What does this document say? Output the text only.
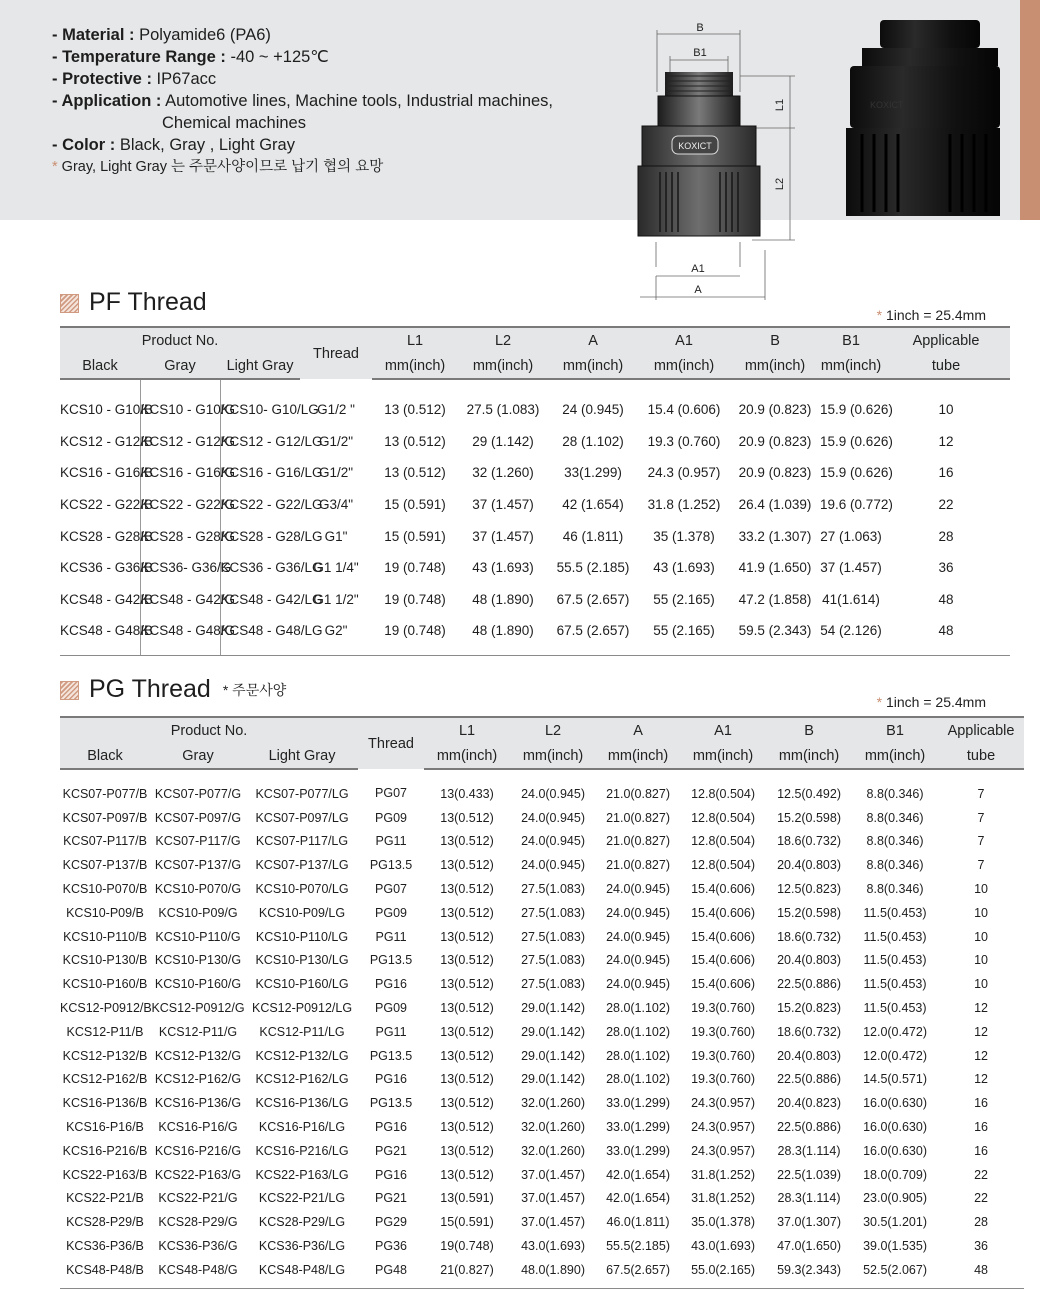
- Material : Polyamide6 (PA6)
- Temperature Range : -40 ~ +125℃
- Protective : IP67acc
- Application : Automotive lines, Machine tools, Industrial machines,
Chemical machines
- Color : Black, Gray , Light Gray
* Gray, Light Gray 는 주문사양이므로 납기 협의 요망
KOXICT
B
B1
L1
L2
A1
A
KOXICT
PF Thread	* 1inch = 25.4mm
Product No.			Thread	L1	L2	A	A1	B	B1	Applicable
Black	Gray	Light Gray		mm(inch)	mm(inch)	mm(inch)	mm(inch)	mm(inch)	mm(inch)	tube
KCS10 - G10/B	KCS10 - G10/G	KCS10- G10/LG	G1/2 "	13 (0.512)	27.5 (1.083)	24 (0.945)	15.4 (0.606)	20.9 (0.823)	15.9 (0.626)	10
KCS12 - G12/B	KCS12 - G12/G	KCS12 - G12/LG	G1/2"	13 (0.512)	29 (1.142)	28 (1.102)	19.3 (0.760)	20.9 (0.823)	15.9 (0.626)	12
KCS16 - G16/B	KCS16 - G16/G	KCS16 - G16/LG	G1/2"	13 (0.512)	32 (1.260)	33(1.299)	24.3 (0.957)	20.9 (0.823)	15.9 (0.626)	16
KCS22 - G22/B	KCS22 - G22/G	KCS22 - G22/LG	G3/4"	15 (0.591)	37 (1.457)	42 (1.654)	31.8 (1.252)	26.4 (1.039)	19.6 (0.772)	22
KCS28 - G28/B	KCS28 - G28/G	KCS28 - G28/LG	G1"	15 (0.591)	37 (1.457)	46 (1.811)	35 (1.378)	33.2 (1.307)	27 (1.063)	28
KCS36 - G36/B	KCS36- G36/G	KCS36 - G36/LG	G1 1/4"	19 (0.748)	43 (1.693)	55.5 (2.185)	43 (1.693)	41.9 (1.650)	37 (1.457)	36
KCS48 - G42/B	KCS48 - G42/G	KCS48 - G42/LG	G1 1/2"	19 (0.748)	48 (1.890)	67.5 (2.657)	55 (2.165)	47.2 (1.858)	41(1.614)	48
KCS48 - G48/B	KCS48 - G48/G	KCS48 - G48/LG	G2"	19 (0.748)	48 (1.890)	67.5 (2.657)	55 (2.165)	59.5 (2.343)	54 (2.126)	48
PG Thread * 주문사양
* 1inch = 25.4mm
Product No.			Thread	L1	L2	A	A1	B	B1	Applicable
Black	Gray	Light Gray		mm(inch)	mm(inch)	mm(inch)	mm(inch)	mm(inch)	mm(inch)	tube
KCS07-P077/B	KCS07-P077/G	KCS07-P077/LG	PG07	13(0.433)	24.0(0.945)	21.0(0.827)	12.8(0.504)	12.5(0.492)	8.8(0.346)	7
KCS07-P097/B	KCS07-P097/G	KCS07-P097/LG	PG09	13(0.512)	24.0(0.945)	21.0(0.827)	12.8(0.504)	15.2(0.598)	8.8(0.346)	7
KCS07-P117/B	KCS07-P117/G	KCS07-P117/LG	PG11	13(0.512)	24.0(0.945)	21.0(0.827)	12.8(0.504)	18.6(0.732)	8.8(0.346)	7
KCS07-P137/B	KCS07-P137/G	KCS07-P137/LG	PG13.5	13(0.512)	24.0(0.945)	21.0(0.827)	12.8(0.504)	20.4(0.803)	8.8(0.346)	7
KCS10-P070/B	KCS10-P070/G	KCS10-P070/LG	PG07	13(0.512)	27.5(1.083)	24.0(0.945)	15.4(0.606)	12.5(0.823)	8.8(0.346)	10
KCS10-P09/B	KCS10-P09/G	KCS10-P09/LG	PG09	13(0.512)	27.5(1.083)	24.0(0.945)	15.4(0.606)	15.2(0.598)	11.5(0.453)	10
KCS10-P110/B	KCS10-P110/G	KCS10-P110/LG	PG11	13(0.512)	27.5(1.083)	24.0(0.945)	15.4(0.606)	18.6(0.732)	11.5(0.453)	10
KCS10-P130/B	KCS10-P130/G	KCS10-P130/LG	PG13.5	13(0.512)	27.5(1.083)	24.0(0.945)	15.4(0.606)	20.4(0.803)	11.5(0.453)	10
KCS10-P160/B	KCS10-P160/G	KCS10-P160/LG	PG16	13(0.512)	27.5(1.083)	24.0(0.945)	15.4(0.606)	22.5(0.886)	11.5(0.453)	10
KCS12-P0912/B	KCS12-P0912/G	KCS12-P0912/LG	PG09	13(0.512)	29.0(1.142)	28.0(1.102)	19.3(0.760)	15.2(0.823)	11.5(0.453)	12
KCS12-P11/B	KCS12-P11/G	KCS12-P11/LG	PG11	13(0.512)	29.0(1.142)	28.0(1.102)	19.3(0.760)	18.6(0.732)	12.0(0.472)	12
KCS12-P132/B	KCS12-P132/G	KCS12-P132/LG	PG13.5	13(0.512)	29.0(1.142)	28.0(1.102)	19.3(0.760)	20.4(0.803)	12.0(0.472)	12
KCS12-P162/B	KCS12-P162/G	KCS12-P162/LG	PG16	13(0.512)	29.0(1.142)	28.0(1.102)	19.3(0.760)	22.5(0.886)	14.5(0.571)	12
KCS16-P136/B	KCS16-P136/G	KCS16-P136/LG	PG13.5	13(0.512)	32.0(1.260)	33.0(1.299)	24.3(0.957)	20.4(0.823)	16.0(0.630)	16
KCS16-P16/B	KCS16-P16/G	KCS16-P16/LG	PG16	13(0.512)	32.0(1.260)	33.0(1.299)	24.3(0.957)	22.5(0.886)	16.0(0.630)	16
KCS16-P216/B	KCS16-P216/G	KCS16-P216/LG	PG21	13(0.512)	32.0(1.260)	33.0(1.299)	24.3(0.957)	28.3(1.114)	16.0(0.630)	16
KCS22-P163/B	KCS22-P163/G	KCS22-P163/LG	PG16	13(0.512)	37.0(1.457)	42.0(1.654)	31.8(1.252)	22.5(1.039)	18.0(0.709)	22
KCS22-P21/B	KCS22-P21/G	KCS22-P21/LG	PG21	13(0.591)	37.0(1.457)	42.0(1.654)	31.8(1.252)	28.3(1.114)	23.0(0.905)	22
KCS28-P29/B	KCS28-P29/G	KCS28-P29/LG	PG29	15(0.591)	37.0(1.457)	46.0(1.811)	35.0(1.378)	37.0(1.307)	30.5(1.201)	28
KCS36-P36/B	KCS36-P36/G	KCS36-P36/LG	PG36	19(0.748)	43.0(1.693)	55.5(2.185)	43.0(1.693)	47.0(1.650)	39.0(1.535)	36
KCS48-P48/B	KCS48-P48/G	KCS48-P48/LG	PG48	21(0.827)	48.0(1.890)	67.5(2.657)	55.0(2.165)	59.3(2.343)	52.5(2.067)	48
